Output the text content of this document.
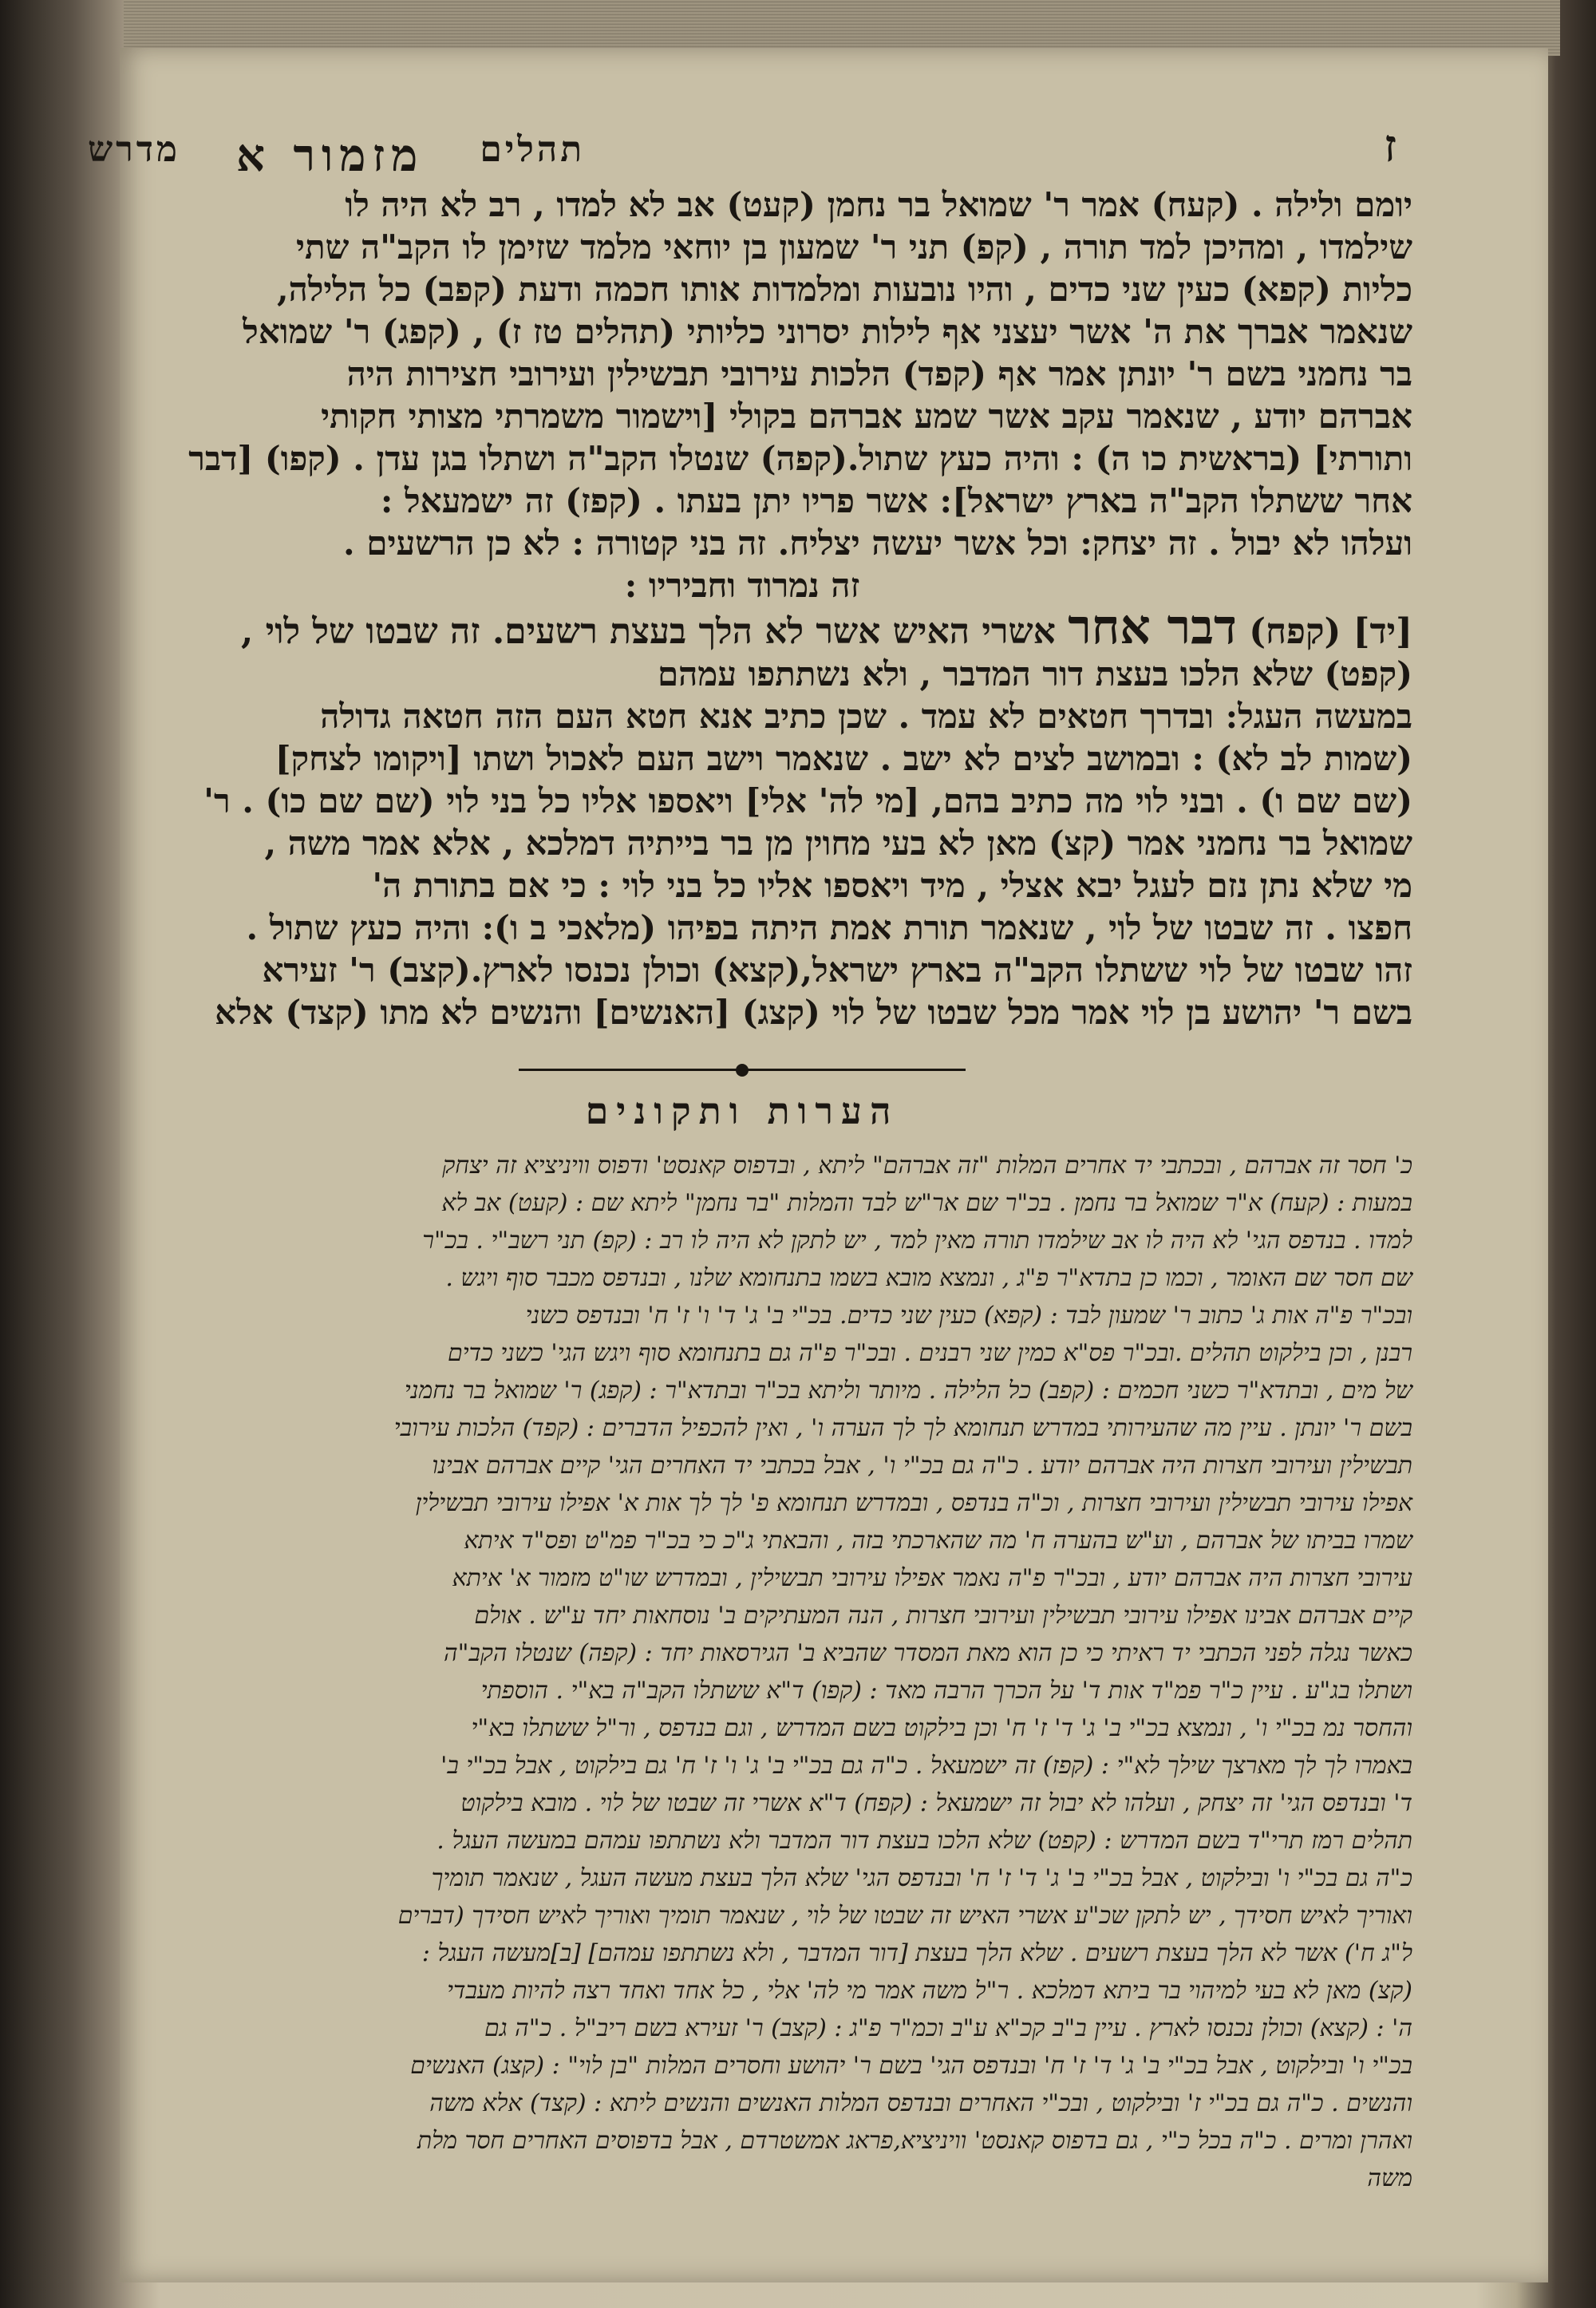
ז
תהלים
מזמור א
מדרש

יומם ולילה . (קעח) אמר ר' שמואל בר נחמן (קעט) אב לא למדו , רב לא היה לו

שילמדו , ומהיכן למד תורה , (קפ) תני ר' שמעון בן יוחאי מלמד שזימן לו הקב"ה שתי

כליות (קפא) כעין שני כדים , והיו נובעות ומלמדות אותו חכמה ודעת (קפב) כל הלילה,

שנאמר אברך את ה' אשר יעצני אף לילות יסרוני כליותי (תהלים טז ז) , (קפג) ר' שמואל

בר נחמני בשם ר' יונתן אמר אף (קפד) הלכות עירובי תבשילין ועירובי חצירות היה

אברהם יודע , שנאמר עקב אשר שמע אברהם בקולי [וישמור משמרתי מצותי חקותי

ותורתי] (בראשית כו ה) : והיה כעץ שתול.(קפה) שנטלו הקב"ה ושתלו בגן עדן . (קפו) [דבר

אחר ששתלו הקב"ה בארץ ישראל]: אשר פריו יתן בעתו . (קפז) זה ישמעאל :

ועלהו לא יבול . זה יצחק: וכל אשר יעשה יצליח. זה בני קטורה : לא כן הרשעים .

זה נמרוד וחביריו :

[יד] (קפח) דבר אחר אשרי האיש אשר לא הלך בעצת רשעים. זה שבטו של לוי ,

(קפט) שלא הלכו בעצת דור המדבר , ולא נשתתפו עמהם

במעשה העגל: ובדרך חטאים לא עמד . שכן כתיב אנא חטא העם הזה חטאה גדולה

(שמות לב לא) : ובמושב לצים לא ישב . שנאמר וישב העם לאכול ושתו [ויקומו לצחק]

(שם שם ו) . ובני לוי מה כתיב בהם, [מי לה' אלי] ויאספו אליו כל בני לוי (שם שם כו) . ר'

שמואל בר נחמני אמר (קצ) מאן לא בעי מחוין מן בר בייתיה דמלכא , אלא אמר משה ,

מי שלא נתן נזם לעגל יבא אצלי , מיד ויאספו אליו כל בני לוי : כי אם בתורת ה'

חפצו . זה שבטו של לוי , שנאמר תורת אמת היתה בפיהו (מלאכי ב ו): והיה כעץ שתול .

זהו שבטו של לוי ששתלו הקב"ה בארץ ישראל,(קצא) וכולן נכנסו לארץ.(קצב) ר' זעירא

בשם ר' יהושע בן לוי אמר מכל שבטו של לוי (קצג) [האנשים] והנשים לא מתו (קצד) אלא

הערות ותקונים

כ' חסר זה אברהם , ובכתבי יד אחרים המלות "זה אברהם" ליתא , ובדפוס קאנסט' ודפוס וויניציא זה יצחק

במעות : (קעח) א"ר שמואל בר נחמן . בכ"ר שם אר"ש לבד והמלות "בר נחמן" ליתא שם : (קעט) אב לא

למדו . בנדפס הגי' לא היה לו אב שילמדו תורה מאין למד , יש לתקן לא היה לו רב : (קפ) תני רשב"י . בכ"ר

שם חסר שם האומר , וכמו כן בתדא"ר פ"ג , ונמצא מובא בשמו בתנחומא שלנו , ובנדפס מכבר סוף ויגש .

ובכ"ר פ"ה אות ג' כתוב ר' שמעון לבד : (קפא) כעין שני כדים. בכ"י ב' ג' ד' ו' ז' ח' ובנדפס כשני

רבנן , וכן בילקוט תהלים .ובכ"ר פס"א כמין שני רבנים . ובכ"ר פ"ה גם בתנחומא סוף ויגש הגי' כשני כדים

של מים , ובתדא"ר כשני חכמים : (קפב) כל הלילה . מיותר וליתא בכ"ר ובתדא"ר : (קפג) ר' שמואל בר נחמני

בשם ר' יונתן . עיין מה שהעירותי במדרש תנחומא לך לך הערה ו' , ואין להכפיל הדברים : (קפד) הלכות עירובי

תבשילין ועירובי חצרות היה אברהם יודע . כ"ה גם בכ"י ו' , אבל בכתבי יד האחרים הגי' קיים אברהם אבינו

אפילו עירובי תבשילין ועירובי חצרות , וכ"ה בנדפס , ובמדרש תנחומא פ' לך לך אות א' אפילו עירובי תבשילין

שמרו בביתו של אברהם , וע"ש בהערה ח' מה שהארכתי בזה , והבאתי ג"כ כי בכ"ר פמ"ט ופס"ד איתא

עירובי חצרות היה אברהם יודע , ובכ"ר פ"ה נאמר אפילו עירובי תבשילין , ובמדרש שו"ט מזמור א' איתא

קיים אברהם אבינו אפילו עירובי תבשילין ועירובי חצרות , הנה המעתיקים ב' נוסחאות יחד ע"ש . אולם

כאשר נגלה לפני הכתבי יד ראיתי כי כן הוא מאת המסדר שהביא ב' הגירסאות יחד : (קפה) שנטלו הקב"ה

ושתלו בג"ע . עיין כ"ר פמ"ד אות ד' על הכרך הרבה מאד : (קפו) ד"א ששתלו הקב"ה בא"י . הוספתי

והחסר נמ בכ"י ו' , ונמצא בכ"י ב' ג' ד' ז' ח' וכן בילקוט בשם המדרש , וגם בנדפס , ור"ל ששתלו בא"י

באמרו לך לך מארצך שילך לא"י : (קפז) זה ישמעאל . כ"ה גם בכ"י ב' ג' ו' ז' ח' גם בילקוט , אבל בכ"י ב'

ד' ובנדפס הגי' זה יצחק , ועלהו לא יבול זה ישמעאל : (קפח) ד"א אשרי זה שבטו של לוי . מובא בילקוט

תהלים רמז תרי"ד בשם המדרש : (קפט) שלא הלכו בעצת דור המדבר ולא נשתתפו עמהם במעשה העגל .

כ"ה גם בכ"י ו' ובילקוט , אבל בכ"י ב' ג' ד' ז' ח' ובנדפס הגי' שלא הלך בעצת מעשה העגל , שנאמר תומיך

ואוריך לאיש חסידך , יש לתקן שכ"ע אשרי האיש זה שבטו של לוי , שנאמר תומיך ואוריך לאיש חסידך (דברים

ל"ג ח') אשר לא הלך בעצת רשעים . שלא הלך בעצת [דור המדבר , ולא נשתתפו עמהם] [ב]מעשה העגל :

(קצ) מאן לא בעי למיהוי בר ביתא דמלכא . ר"ל משה אמר מי לה' אלי , כל אחד ואחד רצה להיות מעבדי

ה' : (קצא) וכולן נכנסו לארץ . עיין ב"ב קכ"א ע"ב וכמ"ר פ"ג : (קצב) ר' זעירא בשם ריב"ל . כ"ה גם

בכ"י ו' ובילקוט , אבל בכ"י ב' ג' ד' ז' ח' ובנדפס הגי' בשם ר' יהושע וחסרים המלות "בן לוי" : (קצג) האנשים

והנשים . כ"ה גם בכ"י ז' ובילקוט , ובכ"י האחרים ובנדפס המלות האנשים והנשים ליתא : (קצד) אלא משה

ואהרן ומרים . כ"ה בכל כ"י , גם בדפוס קאנסט' וויניציא,פראג אמשטרדם , אבל בדפוסים האחרים חסר מלת

משה
